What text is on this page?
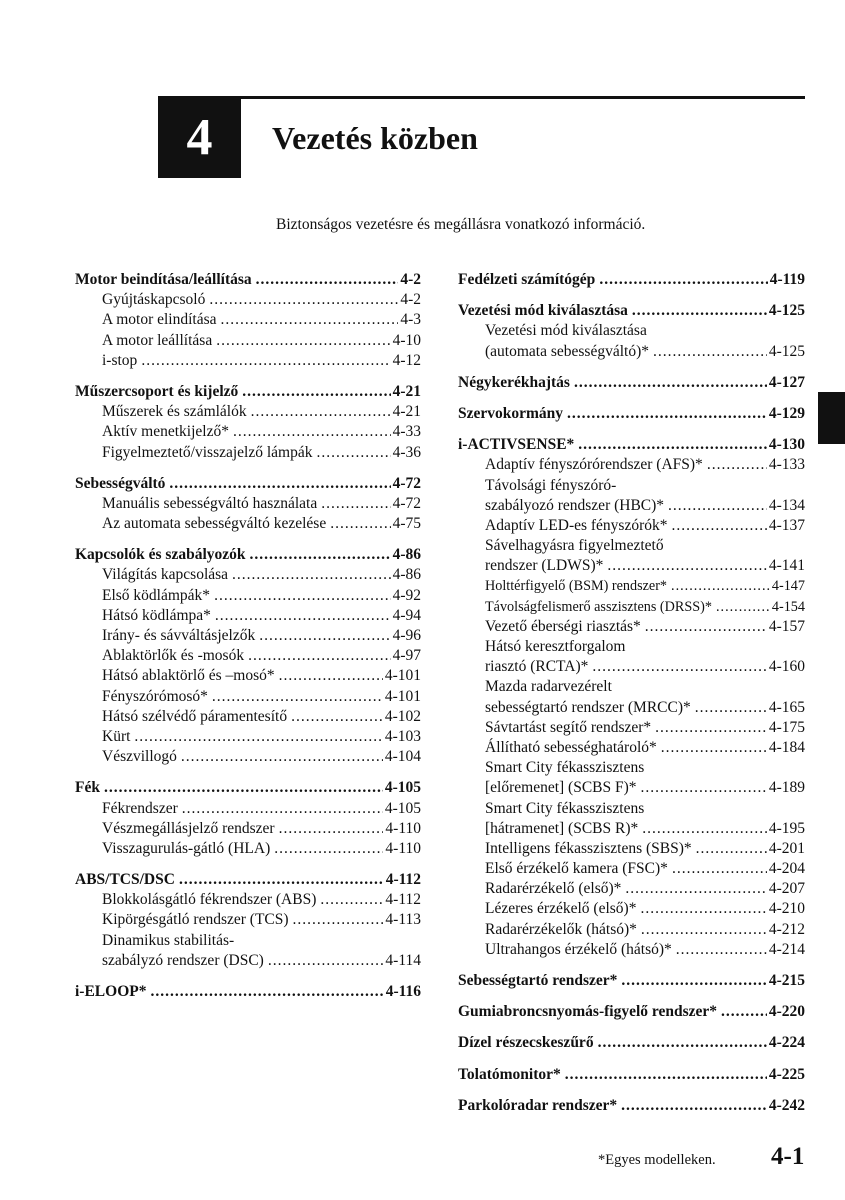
4 Vezetés közben
Biztonságos vezetésre és megállásra vonatkozó információ.
Motor beindítása/leállítása .....	4-2
Gyújtáskapcsoló .....	4-2
A motor elindítása .....	4-3
A motor leállítása .....	4-10
i-stop .....	4-12
Műszercsoport és kijelző .....	4-21
Műszerek és számlálók .....	4-21
Aktív menetkijelző* .....	4-33
Figyelmeztető/visszajelző lámpák .....	4-36
Sebességváltó .....	4-72
Manuális sebességváltó használata .....	4-72
Az automata sebességváltó kezelése .....	4-75
Kapcsolók és szabályozók .....	4-86
Világítás kapcsolása .....	4-86
Első ködlámpák* .....	4-92
Hátsó ködlámpa* .....	4-94
Irány- és sávváltásjelzők .....	4-96
Ablaktörlők és -mosók .....	4-97
Hátsó ablaktörlő és –mosó* .....	4-101
Fényszórómosó* .....	4-101
Hátsó szélvédő páramentesítő .....	4-102
Kürt .....	4-103
Vészvillogó .....	4-104
Fék .....	4-105
Fékrendszer .....	4-105
Vészmegállásjelző rendszer .....	4-110
Visszagurulás-gátló (HLA) .....	4-110
ABS/TCS/DSC .....	4-112
Blokkolásgátló fékrendszer (ABS) .....	4-112
Kipörgésgátló rendszer (TCS) .....	4-113
Dinamikus stabilitás-
szabályzó rendszer (DSC) .....	4-114
i-ELOOP* .....	4-116
Fedélzeti számítógép .....	4-119
Vezetési mód kiválasztása .....	4-125
Vezetési mód kiválasztása
(automata sebességváltó)* .....	4-125
Négykerékhajtás .....	4-127
Szervokormány .....	4-129
i-ACTIVSENSE* .....	4-130
Adaptív fényszórórendszer (AFS)* .....	4-133
Távolsági fényszóró-
szabályozó rendszer (HBC)* .....	4-134
Adaptív LED-es fényszórók* .....	4-137
Sávelhagyásra figyelmeztető
rendszer (LDWS)* .....	4-141
Holttérfigyelő (BSM) rendszer* .....	4-147
Távolságfelismerő asszisztens (DRSS)* .....	4-154
Vezető éberségi riasztás* .....	4-157
Hátsó keresztforgalom
riasztó (RCTA)* .....	4-160
Mazda radarvezérelt
sebességtartó rendszer (MRCC)* .....	4-165
Sávtartást segítő rendszer* .....	4-175
Állítható sebességhatároló* .....	4-184
Smart City fékasszisztens
[előremenet] (SCBS F)* .....	4-189
Smart City fékasszisztens
[hátramenet] (SCBS R)* .....	4-195
Intelligens fékasszisztens (SBS)* .....	4-201
Első érzékelő kamera (FSC)* .....	4-204
Radarérzékelő (első)* .....	4-207
Lézeres érzékelő (első)* .....	4-210
Radarérzékelők (hátsó)* .....	4-212
Ultrahangos érzékelő (hátsó)* .....	4-214
Sebességtartó rendszer* .....	4-215
Gumiabroncsnyomás-figyelő rendszer* .....	4-220
Dízel részecskeszűrő .....	4-224
Tolatómonitor* .....	4-225
Parkolóradar rendszer* .....	4-242
*Egyes modelleken. 4-1
